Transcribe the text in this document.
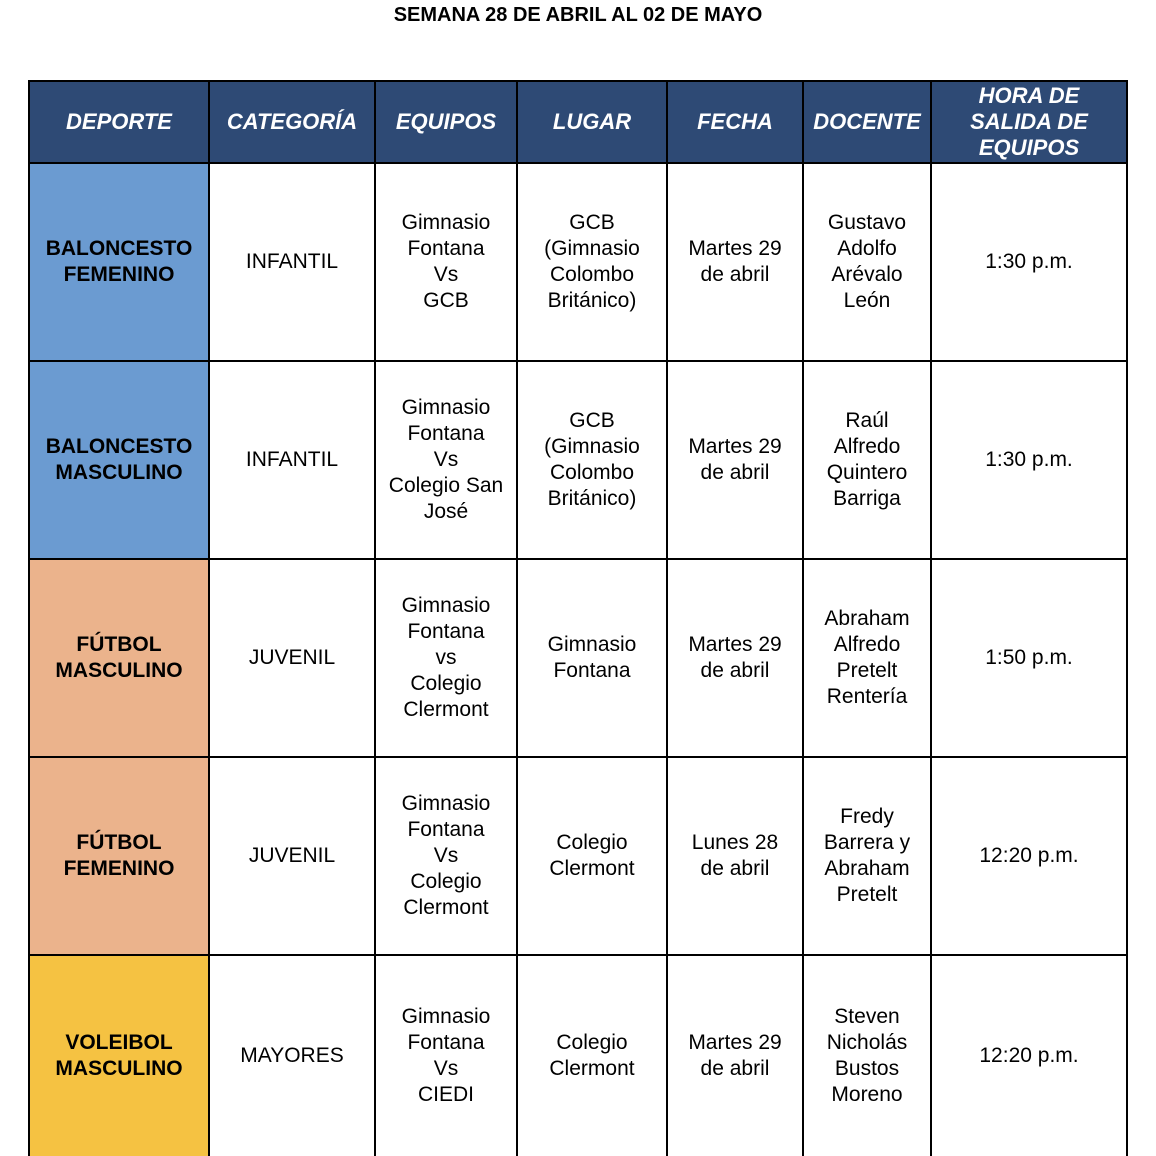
SEMANA 28 DE ABRIL AL 02 DE MAYO
DEPORTE	CATEGORÍA	EQUIPOS	LUGAR	FECHA	DOCENTE	HORA DE
SALIDA DE
EQUIPOS

BALONCESTO
FEMENINO	INFANTIL	Gimnasio
Fontana
Vs
GCB	GCB
(Gimnasio
Colombo
Británico)	Martes 29
de abril	Gustavo
Adolfo
Arévalo
León	1:30 p.m.

BALONCESTO
MASCULINO	INFANTIL	Gimnasio
Fontana
Vs
Colegio San
José	GCB
(Gimnasio
Colombo
Británico)	Martes 29
de abril	Raúl
Alfredo
Quintero
Barriga	1:30 p.m.

FÚTBOL
MASCULINO	JUVENIL	Gimnasio
Fontana
vs
Colegio
Clermont	Gimnasio
Fontana	Martes 29
de abril	Abraham
Alfredo
Pretelt
Rentería	1:50 p.m.

FÚTBOL
FEMENINO	JUVENIL	Gimnasio
Fontana
Vs
Colegio
Clermont	Colegio
Clermont	Lunes 28
de abril	Fredy
Barrera y
Abraham
Pretelt	12:20 p.m.

VOLEIBOL
MASCULINO	MAYORES	Gimnasio
Fontana
Vs
CIEDI	Colegio
Clermont	Martes 29
de abril	Steven
Nicholás
Bustos
Moreno	12:20 p.m.
